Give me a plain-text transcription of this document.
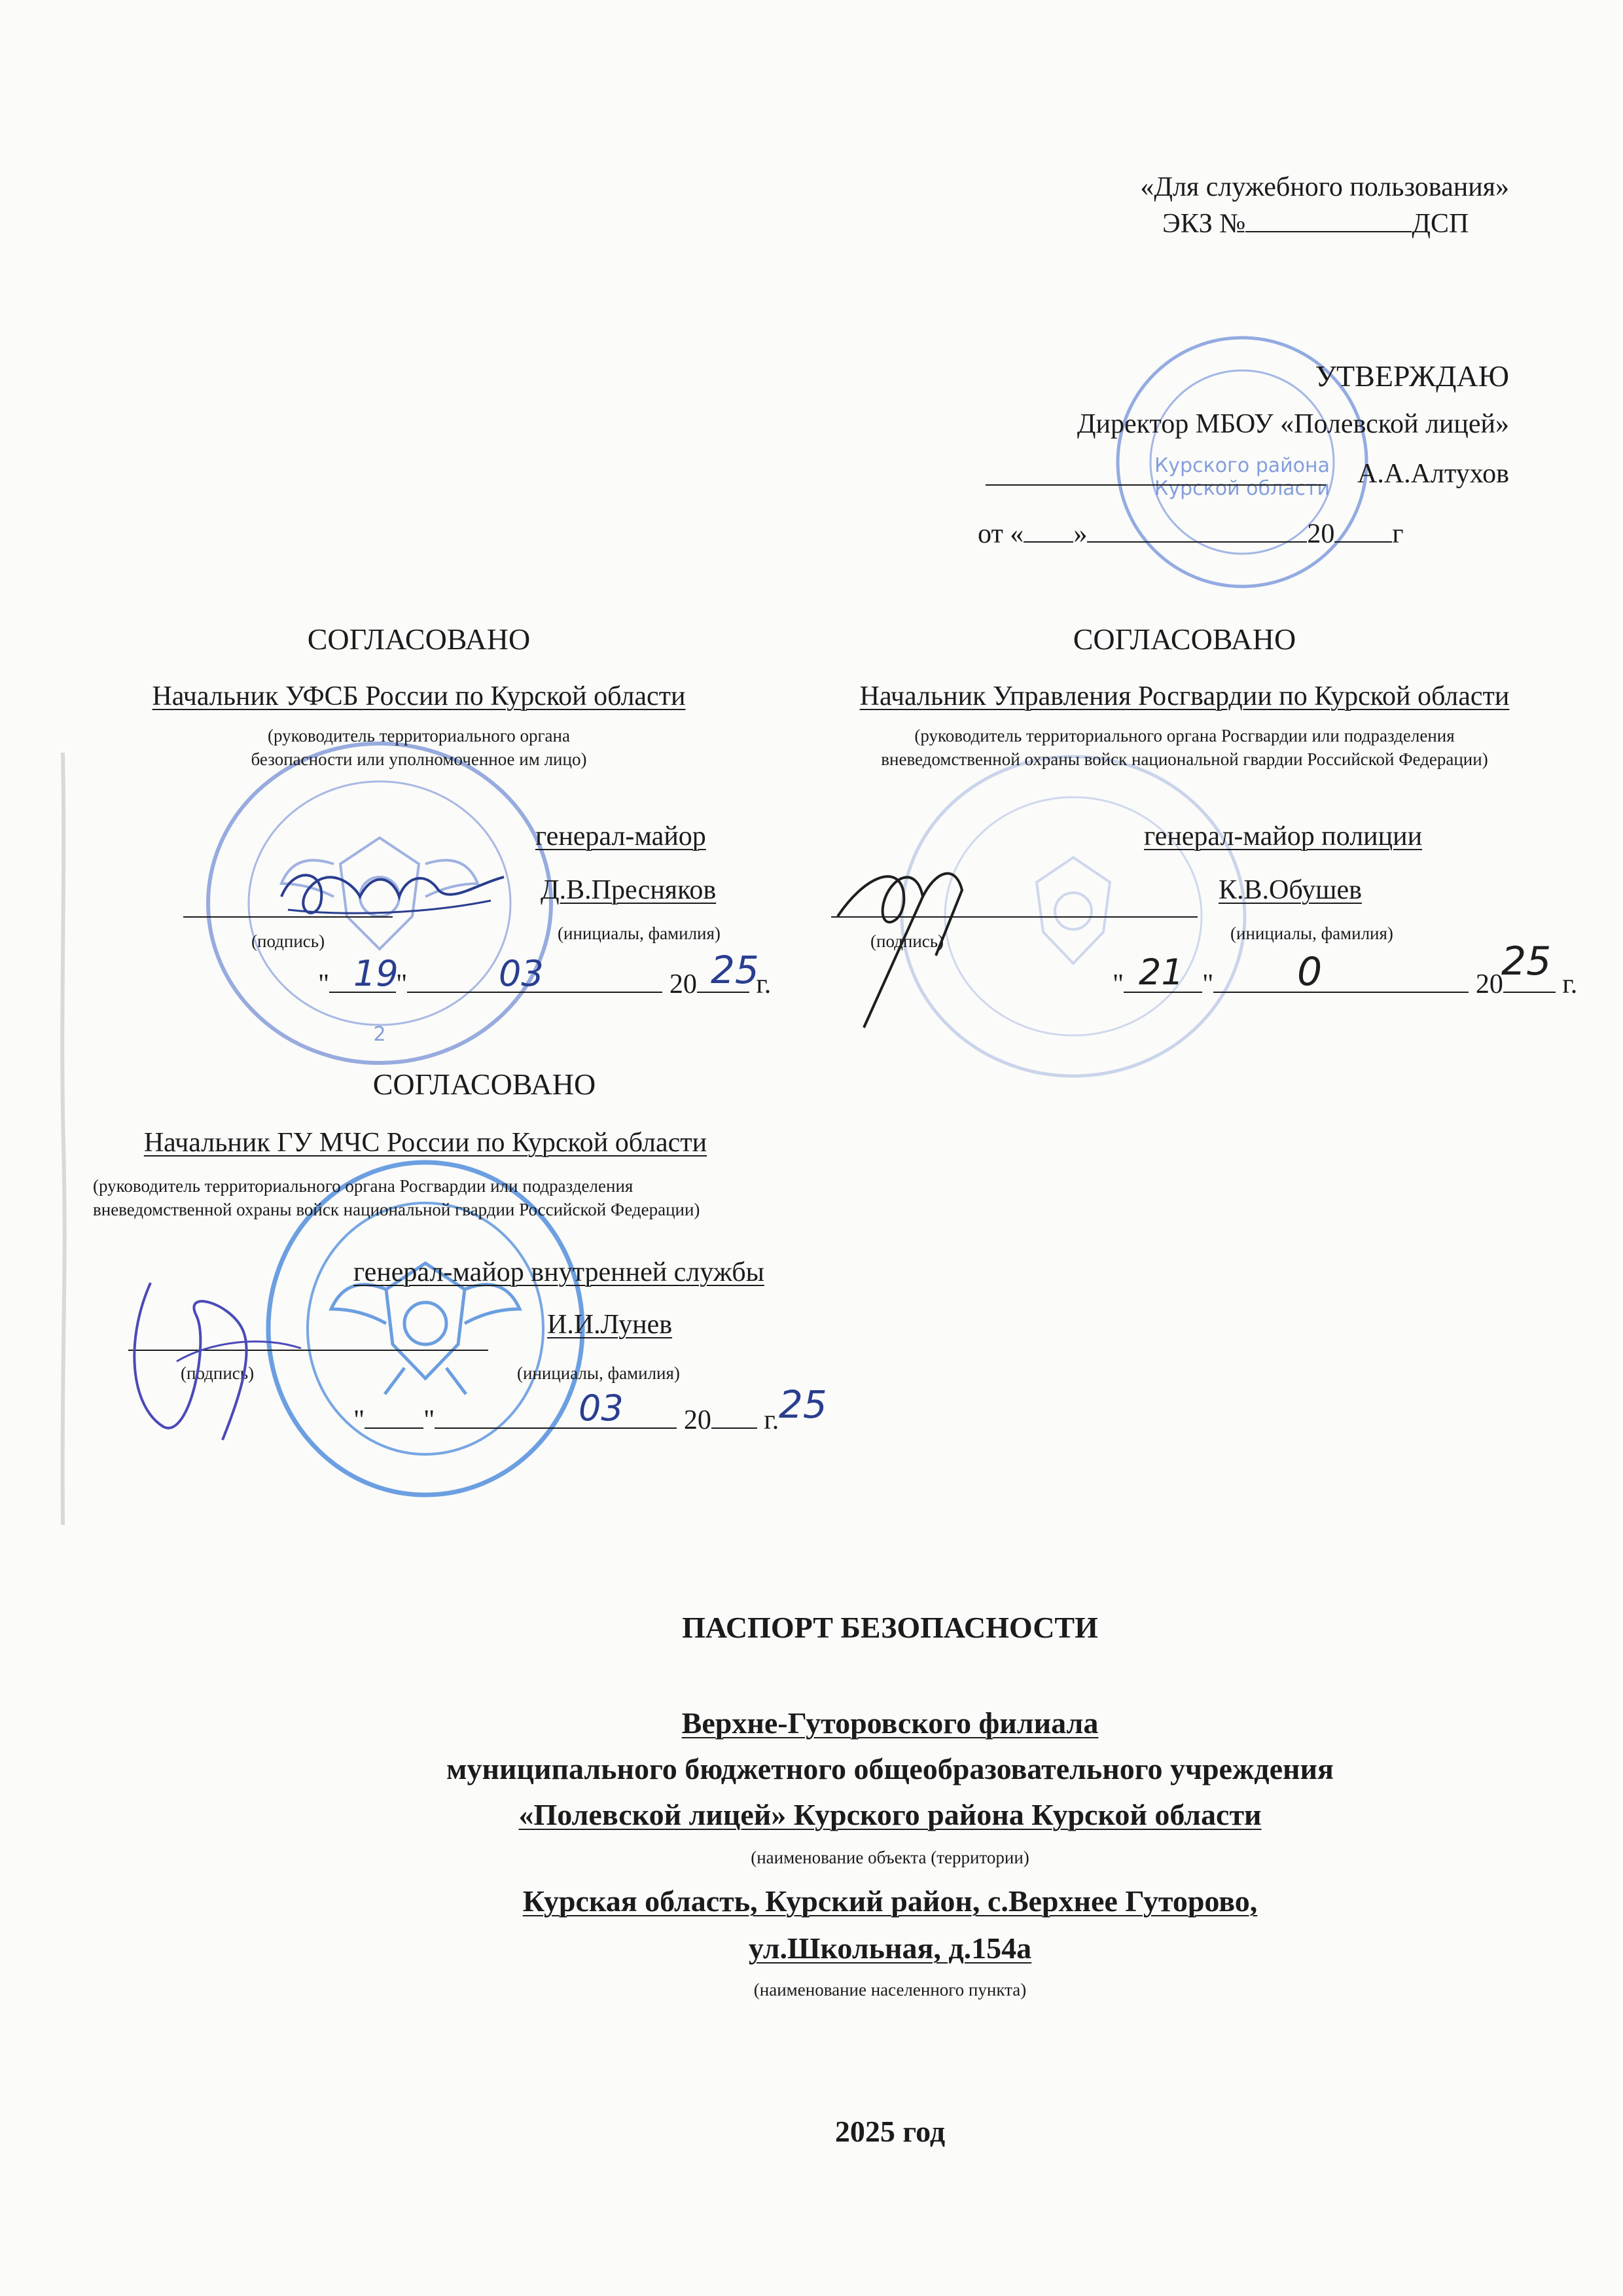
«Для служебного пользования»
ЭКЗ №	ДСП
Курского района
Курской области
УТВЕРЖДАЮ
Директор МБОУ «Полевской лицей»
А.А.Алтухов
от « »	20 г
2
СОГЛАСОВАНО
Начальник УФСБ России по Курской области
(руководитель территориального органа
безопасности или уполномоченное им лицо)
генерал-майор
Д.В.Пресняков
(подпись)	(инициалы, фамилия)
" "	20 г.
19	03	25
СОГЛАСОВАНО
Начальник Управления Росгвардии по Курской области
(руководитель территориального органа Росгвардии или подразделения
вневедомственной охраны войск национальной гвардии Российской Федерации)
генерал-майор полиции
К.В.Обушев
(подпись)	(инициалы, фамилия)
"	"	20 г.
21	0	25
СОГЛАСОВАНО
Начальник ГУ МЧС России по Курской области
(руководитель территориального органа Росгвардии или подразделения
вневедомственной охраны войск национальной гвардии Российской Федерации)
генерал-майор внутренней службы
И.И.Лунев
(подпись)	(инициалы, фамилия)
" "	20 г.
03	25
ПАСПОРТ БЕЗОПАСНОСТИ
Верхне-Гуторовского филиала
муниципального бюджетного общеобразовательного учреждения
«Полевской лицей» Курского района Курской области
(наименование объекта (территории)
Курская область, Курский район, с.Верхнее Гуторово,
ул.Школьная, д.154а
(наименование населенного пункта)
2025 год
